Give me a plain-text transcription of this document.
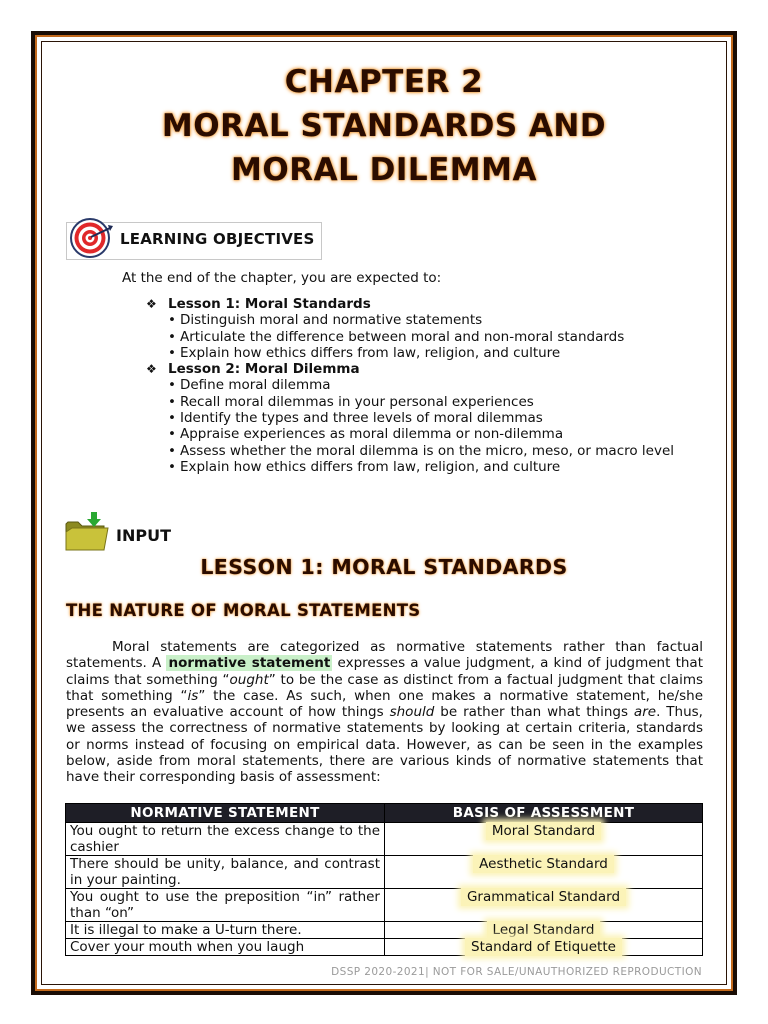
CHAPTER 2
MORAL STANDARDS AND
MORAL DILEMMA
LEARNING OBJECTIVES
At the end of the chapter, you are expected to:
❖ Lesson 1: Moral Standards
• Distinguish moral and normative statements
• Articulate the difference between moral and non-moral standards
• Explain how ethics differs from law, religion, and culture
❖ Lesson 2: Moral Dilemma
• Define moral dilemma
• Recall moral dilemmas in your personal experiences
• Identify the types and three levels of moral dilemmas
• Appraise experiences as moral dilemma or non-dilemma
• Assess whether the moral dilemma is on the micro, meso, or macro level
• Explain how ethics differs from law, religion, and culture
INPUT
LESSON 1: MORAL STANDARDS
THE NATURE OF MORAL STATEMENTS
Moral statements are categorized as normative statements rather than factual statements. A normative statement expresses a value judgment, a kind of judgment that claims that something “ought” to be the case as distinct from a factual judgment that claims that something “is” the case. As such, when one makes a normative statement, he/she presents an evaluative account of how things should be rather than what things are. Thus, we assess the correctness of normative statements by looking at certain criteria, standards or norms instead of focusing on empirical data. However, as can be seen in the examples below, aside from moral statements, there are various kinds of normative statements that have their corresponding basis of assessment:
NORMATIVE STATEMENT	BASIS OF ASSESSMENT
You ought to return the excess change to the cashier	Moral Standard
There should be unity, balance, and contrast in your painting.	Aesthetic Standard
You ought to use the preposition “in” rather than “on”	Grammatical Standard
It is illegal to make a U-turn there.	Legal Standard
Cover your mouth when you laugh	Standard of Etiquette
DSSP 2020-2021| NOT FOR SALE/UNAUTHORIZED REPRODUCTION
